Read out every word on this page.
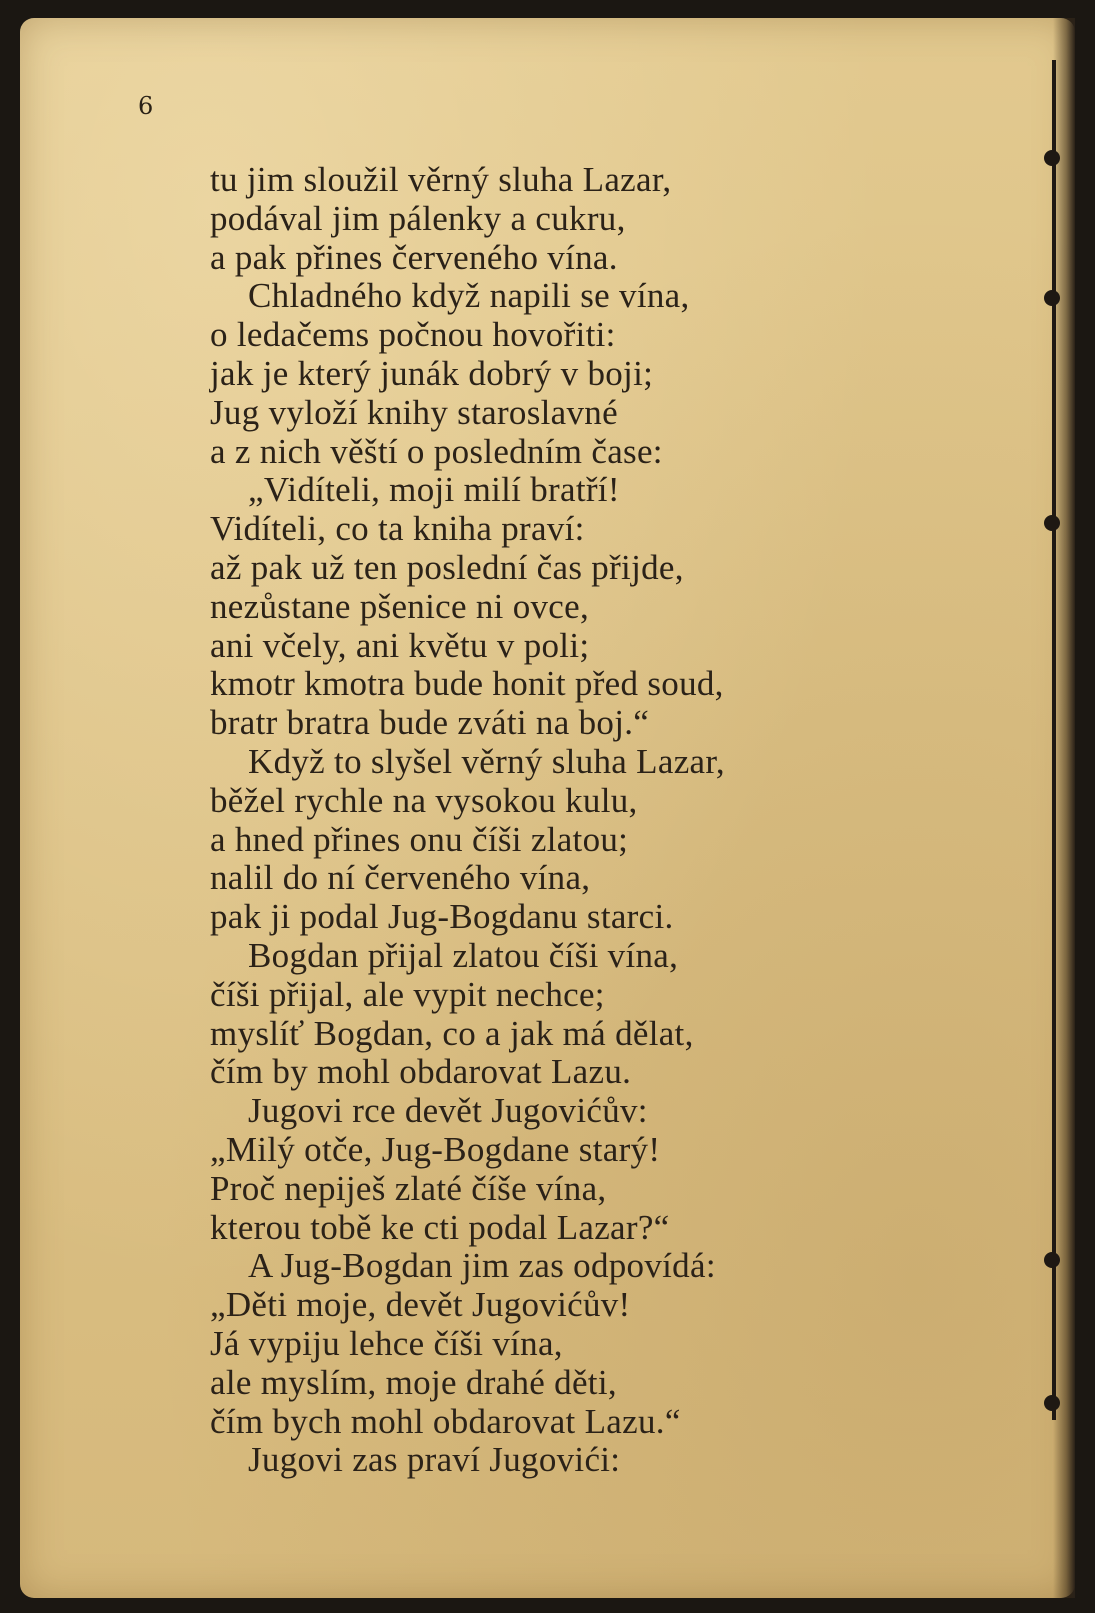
6
tu jim sloužil věrný sluha Lazar,
podával jim pálenky a cukru,
a pak přines červeného vína.
Chladného když napili se vína,
o ledačems počnou hovořiti:
jak je který junák dobrý v boji;
Jug vyloží knihy staroslavné
a z nich věští o posledním čase:
„Vidíteli, moji milí bratří!
Vidíteli, co ta kniha praví:
až pak už ten poslední čas přijde,
nezůstane pšenice ni ovce,
ani včely, ani květu v poli;
kmotr kmotra bude honit před soud,
bratr bratra bude zváti na boj.“
Když to slyšel věrný sluha Lazar,
běžel rychle na vysokou kulu,
a hned přines onu číši zlatou;
nalil do ní červeného vína,
pak ji podal Jug-Bogdanu starci.
Bogdan přijal zlatou číši vína,
číši přijal, ale vypit nechce;
myslíť Bogdan, co a jak má dělat,
čím by mohl obdarovat Lazu.
Jugovi rce devět Jugovićův:
„Milý otče, Jug-Bogdane starý!
Proč nepiješ zlaté číše vína,
kterou tobě ke cti podal Lazar?“
A Jug-Bogdan jim zas odpovídá:
„Děti moje, devět Jugovićův!
Já vypiju lehce číši vína,
ale myslím, moje drahé děti,
čím bych mohl obdarovat Lazu.“
Jugovi zas praví Jugovići:
